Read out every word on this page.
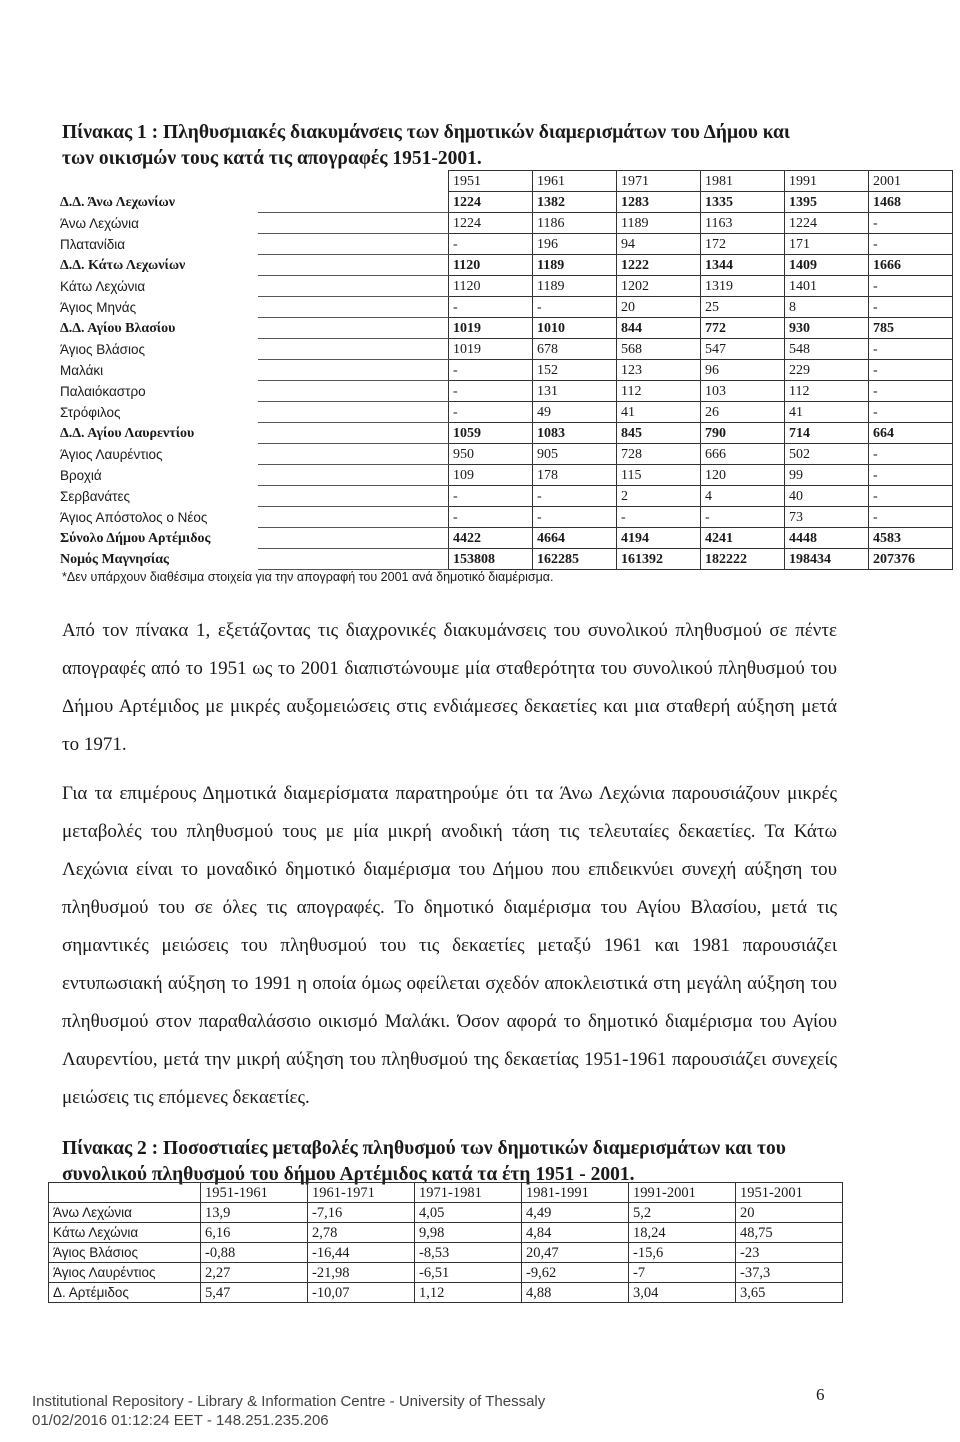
Πίνακας 1 : Πληθυσμιακές διακυμάνσεις των δημοτικών διαμερισμάτων του Δήμου και
των οικισμών τους κατά τις απογραφές 1951-2001.
	1951	1961	1971	1981	1991	2001

Δ.Δ. Άνω Λεχωνίων	1224	1382	1283	1335	1395	1468

Άνω Λεχώνια	1224	1186	1189	1163	1224	-

Πλατανίδια	-	196	94	172	171	-

Δ.Δ. Κάτω Λεχωνίων	1120	1189	1222	1344	1409	1666

Κάτω Λεχώνια	1120	1189	1202	1319	1401	-

Άγιος Μηνάς	-	-	20	25	8	-

Δ.Δ. Αγίου Βλασίου	1019	1010	844	772	930	785

Άγιος Βλάσιος	1019	678	568	547	548	-

Μαλάκι	-	152	123	96	229	-

Παλαιόκαστρο	-	131	112	103	112	-

Στρόφιλος	-	49	41	26	41	-

Δ.Δ. Αγίου Λαυρεντίου	1059	1083	845	790	714	664

Άγιος Λαυρέντιος	950	905	728	666	502	-

Βροχιά	109	178	115	120	99	-

Σερβανάτες	-	-	2	4	40	-

Άγιος Απόστολος ο Νέος	-	-	-	-	73	-

Σύνολο Δήμου Αρτέμιδος	4422	4664	4194	4241	4448	4583

Νομός Μαγνησίας	153808	162285	161392	182222	198434	207376
*Δεν υπάρχουν διαθέσιμα στοιχεία για την απογραφή του 2001 ανά δημοτικό διαμέρισμα.
Από τον πίνακα 1, εξετάζοντας τις διαχρονικές διακυμάνσεις του συνολικού πληθυσμού σε πέντε απογραφές από το 1951 ως το 2001 διαπιστώνουμε μία σταθερότητα του συνολικού πληθυσμού του Δήμου Αρτέμιδος με μικρές αυξομειώσεις στις ενδιάμεσες δεκαετίες και μια σταθερή αύξηση μετά το 1971.
Για τα επιμέρους Δημοτικά διαμερίσματα παρατηρούμε ότι τα Άνω Λεχώνια παρουσιάζουν μικρές μεταβολές του πληθυσμού τους με μία μικρή ανοδική τάση τις τελευταίες δεκαετίες. Τα Κάτω Λεχώνια είναι το μοναδικό δημοτικό διαμέρισμα του Δήμου που επιδεικνύει συνεχή αύξηση του πληθυσμού του σε όλες τις απογραφές. Το δημοτικό διαμέρισμα του Αγίου Βλασίου, μετά τις σημαντικές μειώσεις του πληθυσμού του τις δεκαετίες μεταξύ 1961 και 1981 παρουσιάζει εντυπωσιακή αύξηση το 1991 η οποία όμως οφείλεται σχεδόν αποκλειστικά στη μεγάλη αύξηση του πληθυσμού στον παραθαλάσσιο οικισμό Μαλάκι. Όσον αφορά το δημοτικό διαμέρισμα του Αγίου Λαυρεντίου, μετά την μικρή αύξηση του πληθυσμού της δεκαετίας 1951-1961 παρουσιάζει συνεχείς μειώσεις τις επόμενες δεκαετίες.
Πίνακας 2 : Ποσοστιαίες μεταβολές πληθυσμού των δημοτικών διαμερισμάτων και του συνολικού πληθυσμού του δήμου Αρτέμιδος κατά τα έτη 1951 - 2001.
	1951-1961	1961-1971	1971-1981	1981-1991	1991-2001	1951-2001
Άνω Λεχώνια	13,9	-7,16	4,05	4,49	5,2	20
Κάτω Λεχώνια	6,16	2,78	9,98	4,84	18,24	48,75
Άγιος Βλάσιος	-0,88	-16,44	-8,53	20,47	-15,6	-23
Άγιος Λαυρέντιος	2,27	-21,98	-6,51	-9,62	-7	-37,3
Δ. Αρτέμιδος	5,47	-10,07	1,12	4,88	3,04	3,65
Institutional Repository - Library & Information Centre - University of Thessaly
01/02/2016 01:12:24 EET - 148.251.235.206
6
